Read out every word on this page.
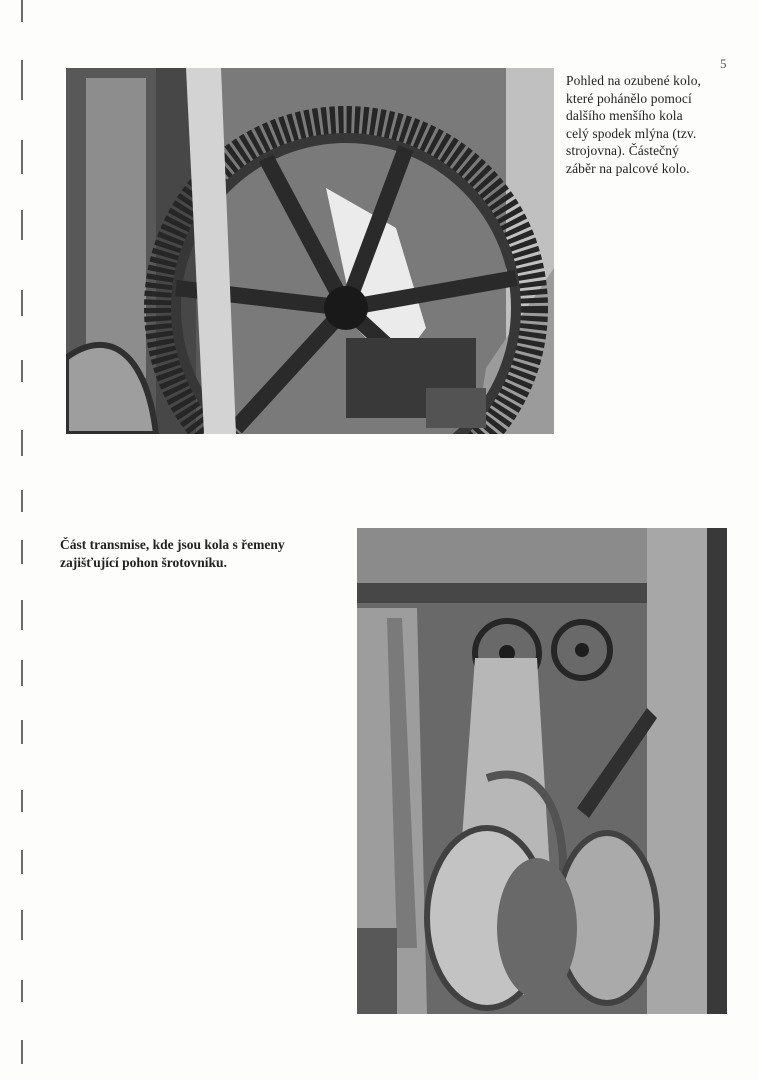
5
Pohled na ozubené kolo,
které pohánělo pomocí
dalšího menšího kola
celý spodek mlýna (tzv.
strojovna). Částečný
záběr na palcové kolo.
Část transmise, kde jsou kola s řemeny
zajišťující pohon šrotovníku.
